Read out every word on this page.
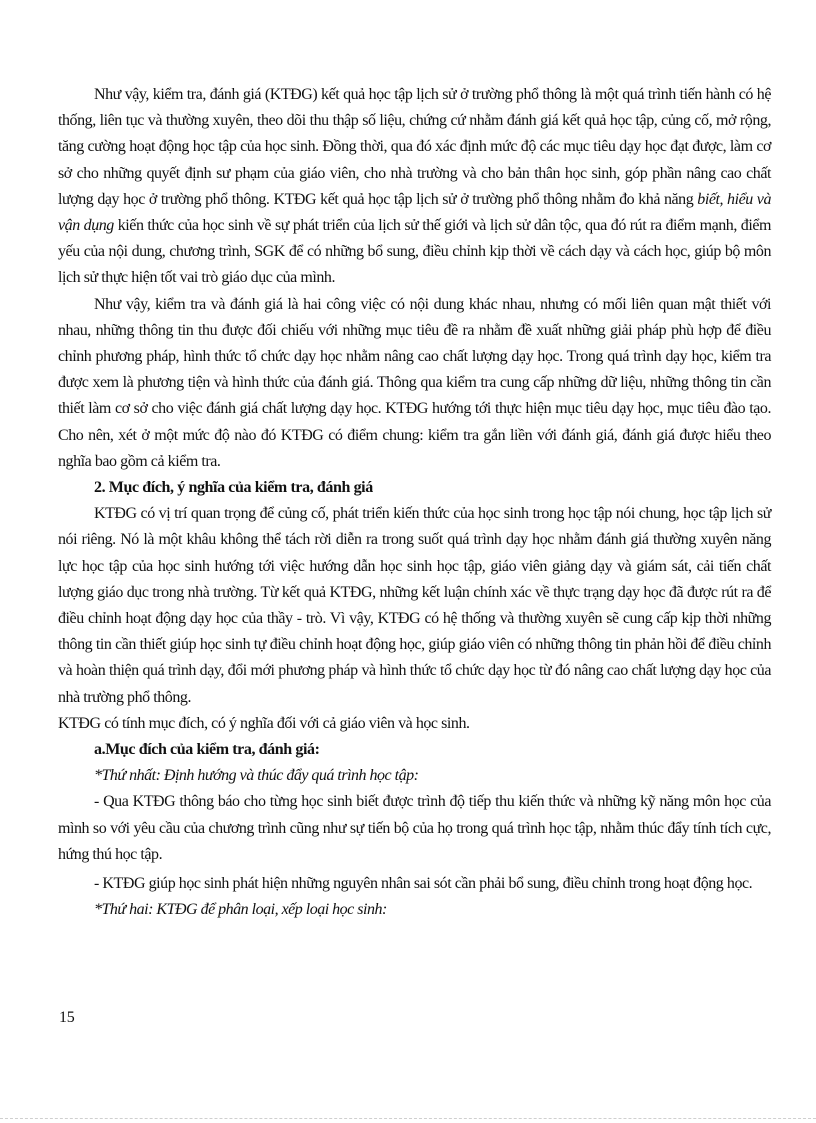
Như vậy, kiểm tra, đánh giá (KTĐG) kết quả học tập lịch sử ở trường phổ thông là một quá trình tiến hành có hệ thống, liên tục và thường xuyên, theo dõi thu thập số liệu, chứng cứ nhằm đánh giá kết quả học tập, củng cố, mở rộng, tăng cường hoạt động học tập của học sinh. Đồng thời, qua đó xác định mức độ các mục tiêu dạy học đạt được, làm cơ sở cho những quyết định sư phạm của giáo viên, cho nhà trường và cho bản thân học sinh, góp phần nâng cao chất lượng dạy học ở trường phổ thông. KTĐG kết quả học tập lịch sử ở trường phổ thông nhằm đo khả năng biết, hiểu và vận dụng kiến thức của học sinh về sự phát triển của lịch sử thế giới và lịch sử dân tộc, qua đó rút ra điểm mạnh, điểm yếu của nội dung, chương trình, SGK để có những bổ sung, điều chỉnh kịp thời về cách dạy và cách học, giúp bộ môn lịch sử thực hiện tốt vai trò giáo dục của mình.

Như vậy, kiểm tra và đánh giá là hai công việc có nội dung khác nhau, nhưng có mối liên quan mật thiết với nhau, những thông tin thu được đối chiếu với những mục tiêu đề ra nhằm đề xuất những giải pháp phù hợp để điều chỉnh phương pháp, hình thức tổ chức dạy học nhằm nâng cao chất lượng dạy học. Trong quá trình dạy học, kiểm tra được xem là phương tiện và hình thức của đánh giá. Thông qua kiểm tra cung cấp những dữ liệu, những thông tin cần thiết làm cơ sở cho việc đánh giá chất lượng dạy học. KTĐG hướng tới thực hiện mục tiêu dạy học, mục tiêu đào tạo. Cho nên, xét ở một mức độ nào đó KTĐG có điểm chung: kiểm tra gắn liền với đánh giá, đánh giá được hiểu theo nghĩa bao gồm cả kiểm tra.

2. Mục đích, ý nghĩa của kiểm tra, đánh giá

KTĐG có vị trí quan trọng để củng cố, phát triển kiến thức của học sinh trong học tập nói chung, học tập lịch sử nói riêng. Nó là một khâu không thể tách rời diễn ra trong suốt quá trình dạy học nhằm đánh giá thường xuyên năng lực học tập của học sinh hướng tới việc hướng dẫn học sinh học tập, giáo viên giảng dạy và giám sát, cải tiến chất lượng giáo dục trong nhà trường. Từ kết quả KTĐG, những kết luận chính xác về thực trạng dạy học đã được rút ra để điều chỉnh hoạt động dạy học của thầy - trò. Vì vậy, KTĐG có hệ thống và thường xuyên sẽ cung cấp kịp thời những thông tin cần thiết giúp học sinh tự điều chỉnh hoạt động học, giúp giáo viên có những thông tin phản hồi để điều chỉnh và hoàn thiện quá trình dạy, đổi mới phương pháp và hình thức tổ chức dạy học từ đó nâng cao chất lượng dạy học của nhà trường phổ thông.

KTĐG có tính mục đích, có ý nghĩa đối với cả giáo viên và học sinh.

a.Mục đích của kiểm tra, đánh giá:

*Thứ nhất: Định hướng và thúc đẩy quá trình học tập:

- Qua KTĐG thông báo cho từng học sinh biết được trình độ tiếp thu kiến thức và những kỹ năng môn học của mình so với yêu cầu của chương trình cũng như sự tiến bộ của họ trong quá trình học tập, nhằm thúc đẩy tính tích cực, hứng thú học tập.

- KTĐG giúp học sinh phát hiện những nguyên nhân sai sót cần phải bổ sung, điều chỉnh trong hoạt động học.

*Thứ hai: KTĐG để phân loại, xếp loại học sinh:

15
